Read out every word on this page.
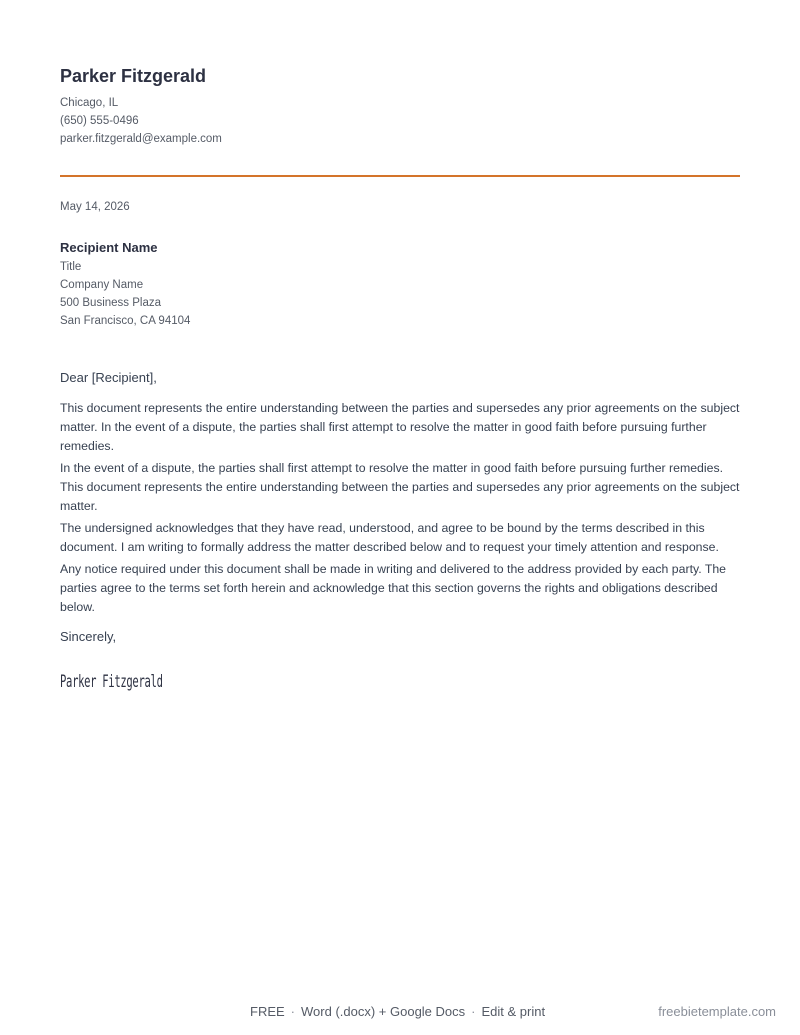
Parker Fitzgerald
Chicago, IL
(650) 555-0496
parker.fitzgerald@example.com
May 14, 2026
Recipient Name
Title
Company Name
500 Business Plaza
San Francisco, CA 94104
Dear [Recipient],

This document represents the entire understanding between the parties and supersedes any prior agreements on the subject matter. In the event of a dispute, the parties shall first attempt to resolve the matter in good faith before pursuing further remedies.

In the event of a dispute, the parties shall first attempt to resolve the matter in good faith before pursuing further remedies. This document represents the entire understanding between the parties and supersedes any prior agreements on the subject matter.

The undersigned acknowledges that they have read, understood, and agree to be bound by the terms described in this document. I am writing to formally address the matter described below and to request your timely attention and response.

Any notice required under this document shall be made in writing and delivered to the address provided by each party. The parties agree to the terms set forth herein and acknowledge that this section governs the rights and obligations described below.

Sincerely,
Parker Fitzgerald
FREE · Word (.docx) + Google Docs · Edit & print	freebietemplate.com
